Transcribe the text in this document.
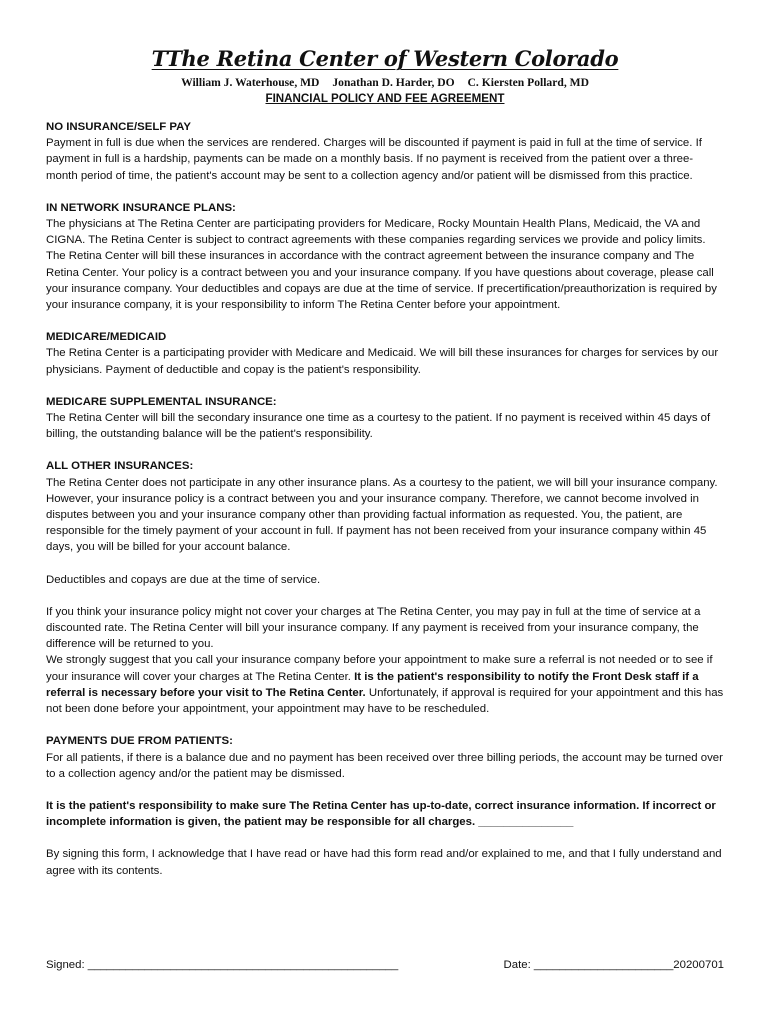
TThe Retina Center of Western Colorado
William J. Waterhouse, MD Jonathan D. Harder, DO C. Kiersten Pollard, MD
FINANCIAL POLICY AND FEE AGREEMENT

NO INSURANCE/SELF PAY

Payment in full is due when the services are rendered. Charges will be discounted if payment is paid in full at the time of service. If payment in full is a hardship, payments can be made on a monthly basis. If no payment is received from the patient over a three-month period of time, the patient's account may be sent to a collection agency and/or patient will be dismissed from this practice.

IN NETWORK INSURANCE PLANS:

The physicians at The Retina Center are participating providers for Medicare, Rocky Mountain Health Plans, Medicaid, the VA and CIGNA. The Retina Center is subject to contract agreements with these companies regarding services we provide and policy limits. The Retina Center will bill these insurances in accordance with the contract agreement between the insurance company and The Retina Center. Your policy is a contract between you and your insurance company. If you have questions about coverage, please call your insurance company. Your deductibles and copays are due at the time of service. If precertification/preauthorization is required by your insurance company, it is your responsibility to inform The Retina Center before your appointment.

MEDICARE/MEDICAID

The Retina Center is a participating provider with Medicare and Medicaid. We will bill these insurances for charges for services by our physicians. Payment of deductible and copay is the patient's responsibility.

MEDICARE SUPPLEMENTAL INSURANCE:

The Retina Center will bill the secondary insurance one time as a courtesy to the patient. If no payment is received within 45 days of billing, the outstanding balance will be the patient's responsibility.

ALL OTHER INSURANCES:

The Retina Center does not participate in any other insurance plans. As a courtesy to the patient, we will bill your insurance company. However, your insurance policy is a contract between you and your insurance company. Therefore, we cannot become involved in disputes between you and your insurance company other than providing factual information as requested. You, the patient, are responsible for the timely payment of your account in full. If payment has not been received from your insurance company within 45 days, you will be billed for your account balance.

Deductibles and copays are due at the time of service.

If you think your insurance policy might not cover your charges at The Retina Center, you may pay in full at the time of service at a discounted rate. The Retina Center will bill your insurance company. If any payment is received from your insurance company, the difference will be returned to you.

We strongly suggest that you call your insurance company before your appointment to make sure a referral is not needed or to see if your insurance will cover your charges at The Retina Center. It is the patient's responsibility to notify the Front Desk staff if a referral is necessary before your visit to The Retina Center. Unfortunately, if approval is required for your appointment and this has not been done before your appointment, your appointment may have to be rescheduled.

PAYMENTS DUE FROM PATIENTS:

For all patients, if there is a balance due and no payment has been received over three billing periods, the account may be turned over to a collection agency and/or the patient may be dismissed.

It is the patient's responsibility to make sure The Retina Center has up-to-date, correct insurance information. If incorrect or incomplete information is given, the patient may be responsible for all charges. _______________

By signing this form, I acknowledge that I have read or have had this form read and/or explained to me, and that I fully understand and agree with its contents.

Signed: _________________________________________________	Date: ______________________20200701
